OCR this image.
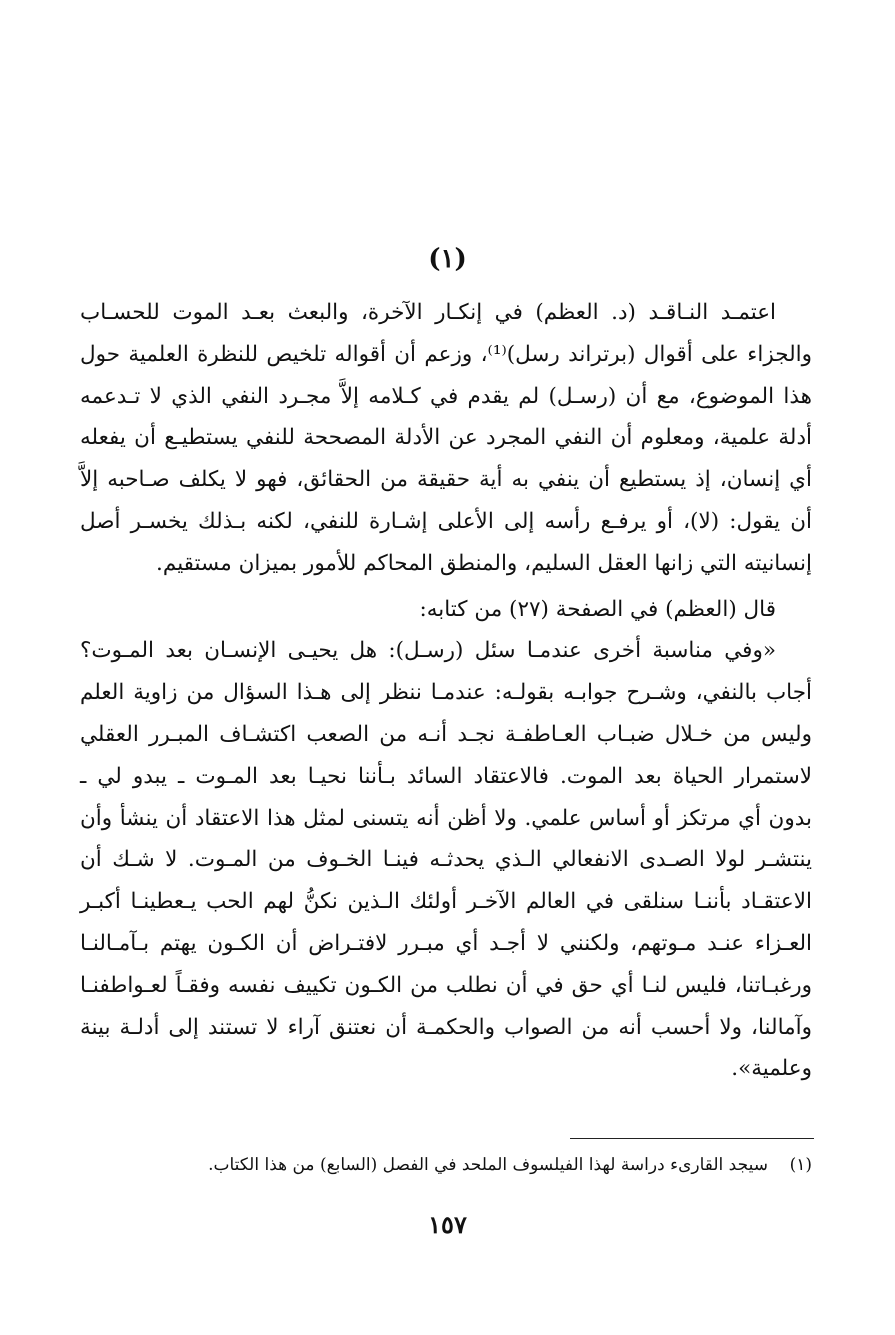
(١)
اعتمـد النـاقـد (د. العظم) في إنكـار الآخرة، والبعث بعـد الموت للحسـاب
والجزاء على أقوال (برتراند رسل)⁽¹⁾، وزعم أن أقواله تلخيص للنظرة العلمية حول
هذا الموضوع، مع أن (رسـل) لم يقدم في كـلامه إلاَّ مجـرد النفي الذي لا تـدعمه
أدلة علمية، ومعلوم أن النفي المجرد عن الأدلة المصححة للنفي يستطيـع أن يفعله
أي إنسان، إذ يستطيع أن ينفي به أية حقيقة من الحقائق، فهو لا يكلف صـاحبه إلاَّ
أن يقول: (لا)، أو يرفـع رأسه إلى الأعلى إشـارة للنفي، لكنه بـذلك يخسـر أصل
إنسانيته التي زانها العقل السليم، والمنطق المحاكم للأمور بميزان مستقيم.
قال (العظم) في الصفحة (٢٧) من كتابه:
«وفي مناسبة أخرى عندمـا سئل (رسـل): هل يحيـى الإنسـان بعد المـوت؟
أجاب بالنفي، وشـرح جوابـه بقولـه: عندمـا ننظر إلى هـذا السؤال من زاوية العلم
وليس من خـلال ضبـاب العـاطفـة نجـد أنـه من الصعب اكتشـاف المبـرر العقلي
لاستمرار الحياة بعد الموت. فالاعتقاد السائد بـأننا نحيـا بعد المـوت ـ يبدو لي ـ
بدون أي مرتكز أو أساس علمي. ولا أظن أنه يتسنى لمثل هذا الاعتقاد أن ينشأ وأن
ينتشـر لولا الصـدى الانفعالي الـذي يحدثـه فينـا الخـوف من المـوت. لا شـك أن
الاعتقـاد بأننـا سنلقى في العالم الآخـر أولئك الـذين نكنُّ لهم الحب يـعطينـا أكبـر
العـزاء عنـد مـوتهم، ولكنني لا أجـد أي مبـرر لافتـراض أن الكـون يهتم بـآمـالنـا
ورغبـاتنا، فليس لنـا أي حق في أن نطلب من الكـون تكييف نفسه وفقـاً لعـواطفنـا
وآمالنا، ولا أحسب أنه من الصواب والحكمـة أن نعتنق آراء لا تستند إلى أدلـة بينة
وعلمية».
(١)    سيجد القارىء دراسة لهذا الفيلسوف الملحد في الفصل (السابع) من هذا الكتاب.
١٥٧
